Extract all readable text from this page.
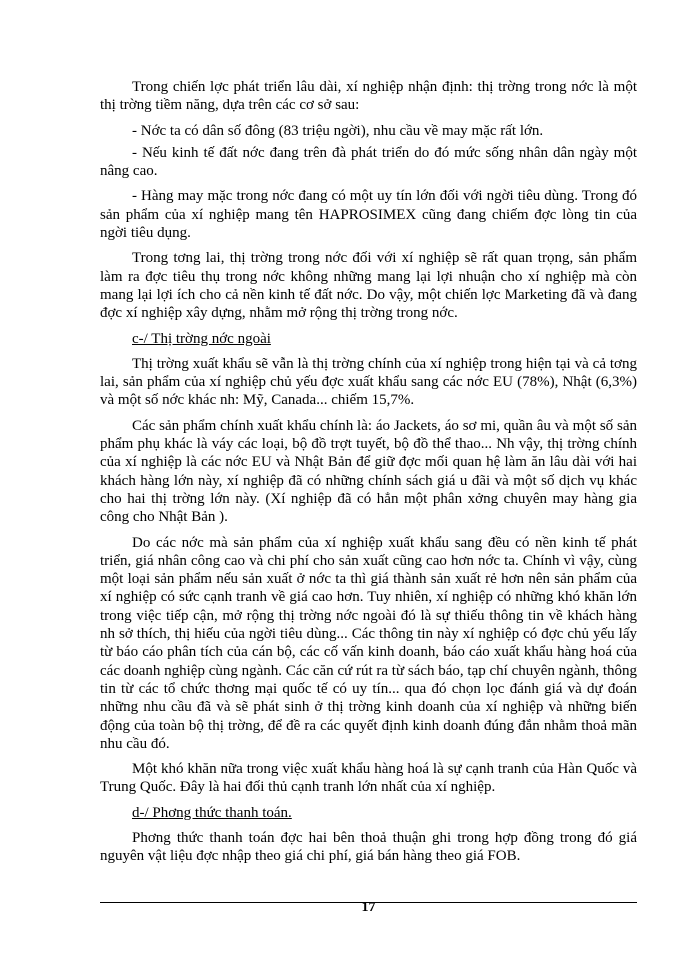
Trong chiến lợc phát triển lâu dài, xí nghiệp nhận định: thị trờng trong nớc là một thị trờng tiềm năng, dựa trên các cơ sở sau:

- Nớc ta có dân số đông (83 triệu ngời), nhu cầu về may mặc rất lớn.

- Nếu kinh tế đất nớc đang trên đà phát triển do đó mức sống nhân dân ngày một nâng cao.

- Hàng may mặc trong nớc đang có một uy tín lớn đối với ngời tiêu dùng. Trong đó sản phẩm của xí nghiệp mang tên HAPROSIMEX cũng đang chiếm đợc lòng tin của ngời tiêu dụng.

Trong tơng lai, thị trờng trong nớc đối với xí nghiệp sẽ rất quan trọng, sản phẩm làm ra đợc tiêu thụ trong nớc không những mang lại lợi nhuận cho xí nghiệp mà còn mang lại lợi ích cho cả nền kinh tế đất nớc. Do vậy, một chiến lợc Marketing đã và đang đợc xí nghiệp xây dựng, nhằm mở rộng thị trờng trong nớc.

c-/ Thị trờng nớc ngoài

Thị trờng xuất khẩu sẽ vẫn là thị trờng chính của xí nghiệp trong hiện tại và cả tơng lai, sản phẩm của xí nghiệp chủ yếu đợc xuất khẩu sang các nớc EU (78%), Nhật (6,3%) và một số nớc khác nh: Mỹ, Canada... chiếm 15,7%.

Các sản phẩm chính xuất khẩu chính là: áo Jackets, áo sơ mi, quần âu và một số sản phẩm phụ khác là váy các loại, bộ đồ trợt tuyết, bộ đồ thể thao... Nh vậy, thị trờng chính của xí nghiệp là các nớc EU và Nhật Bản để giữ đợc mối quan hệ làm ăn lâu dài với hai khách hàng lớn này, xí nghiệp đã có những chính sách giá u đãi và một số dịch vụ khác cho hai thị trờng lớn này. (Xí nghiệp đã có hẳn một phân xởng chuyên may hàng gia công cho Nhật Bản ).

Do các nớc mà sản phẩm của xí nghiệp xuất khẩu sang đều có nền kinh tế phát triển, giá nhân công cao và chi phí cho sản xuất cũng cao hơn nớc ta. Chính vì vậy, cùng một loại sản phẩm nếu sản xuất ở nớc ta thì giá thành sản xuất rẻ hơn nên sản phẩm của xí nghiệp có sức cạnh tranh về giá cao hơn. Tuy nhiên, xí nghiệp có những khó khăn lớn trong việc tiếp cận, mở rộng thị trờng nớc ngoài đó là sự thiếu thông tin về khách hàng nh sở thích, thị hiếu của ngời tiêu dùng... Các thông tin này xí nghiệp có đợc chủ yếu lấy từ báo cáo phân tích của cán bộ, các cố vấn kinh doanh, báo cáo xuất khẩu hàng hoá của các doanh nghiệp cùng ngành. Các căn cứ rút ra từ sách báo, tạp chí chuyên ngành, thông tin từ các tổ chức thơng mại quốc tế có uy tín... qua đó chọn lọc đánh giá và dự đoán những nhu cầu đã và sẽ phát sinh ở thị trờng kinh doanh của xí nghiệp và những biến động của toàn bộ thị trờng, để đề ra các quyết định kinh doanh đúng đắn nhằm thoả mãn nhu cầu đó.

Một khó khăn nữa trong việc xuất khẩu hàng hoá là sự cạnh tranh của Hàn Quốc và Trung Quốc. Đây là hai đối thủ cạnh tranh lớn nhất của xí nghiệp.

d-/ Phơng thức thanh toán.

Phơng thức thanh toán đợc hai bên thoả thuận ghi trong hợp đồng trong đó giá nguyên vật liệu đợc nhập theo giá chi phí, giá bán hàng theo giá FOB.

17
